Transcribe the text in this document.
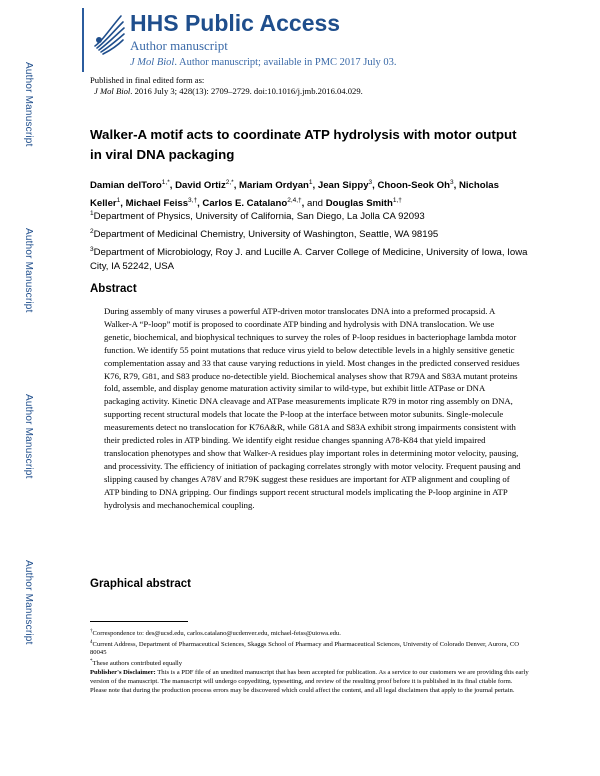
Author Manuscript
Author Manuscript
Author Manuscript
Author Manuscript
HHS Public Access
Author manuscript
J Mol Biol. Author manuscript; available in PMC 2017 July 03.
Published in final edited form as:
J Mol Biol. 2016 July 3; 428(13): 2709–2729. doi:10.1016/j.jmb.2016.04.029.
Walker-A motif acts to coordinate ATP hydrolysis with motor output in viral DNA packaging
Damian delToro$^{1,*}$, David Ortiz$^{2,*}$, Mariam Ordyan$^1$, Jean Sippy$^3$, Choon-Seok Oh$^3$, Nicholas Keller$^1$, Michael Feiss$^{3,\dagger}$, Carlos E. Catalano$^{2,4,\dagger}$, and Douglas Smith$^{1,\dagger}$
$^1$Department of Physics, University of California, San Diego, La Jolla CA 92093
$^2$Department of Medicinal Chemistry, University of Washington, Seattle, WA 98195
$^3$Department of Microbiology, Roy J. and Lucille A. Carver College of Medicine, University of Iowa, Iowa City, IA 52242, USA
Abstract
During assembly of many viruses a powerful ATP-driven motor translocates DNA into a preformed procapsid. A Walker-A “P-loop” motif is proposed to coordinate ATP binding and hydrolysis with DNA translocation. We use genetic, biochemical, and biophysical techniques to survey the roles of P-loop residues in bacteriophage lambda motor function. We identify 55 point mutations that reduce virus yield to below detectible levels in a highly sensitive genetic complementation assay and 33 that cause varying reductions in yield. Most changes in the predicted conserved residues K76, R79, G81, and S83 produce no-detectible yield. Biochemical analyses show that R79A and S83A mutant proteins fold, assemble, and display genome maturation activity similar to wild-type, but exhibit little ATPase or DNA packaging activity. Kinetic DNA cleavage and ATPase measurements implicate R79 in motor ring assembly on DNA, supporting recent structural models that locate the P-loop at the interface between motor subunits. Single-molecule measurements detect no translocation for K76A&R, while G81A and S83A exhibit strong impairments consistent with their predicted roles in ATP binding. We identify eight residue changes spanning A78-K84 that yield impaired translocation phenotypes and show that Walker-A residues play important roles in determining motor velocity, pausing, and processivity. The efficiency of initiation of packaging correlates strongly with motor velocity. Frequent pausing and slipping caused by changes A78V and R79K suggest these residues are important for ATP alignment and coupling of ATP binding to DNA gripping. Our findings support recent structural models implicating the P-loop arginine in ATP hydrolysis and mechanochemical coupling.
Graphical abstract
†Correspondence to: des@ucsd.edu, carlos.catalano@ucdenver.edu, michael-feiss@uiowa.edu.
$^4$Current Address, Department of Pharmaceutical Sciences, Skaggs School of Pharmacy and Pharmaceutical Sciences, University of Colorado Denver, Aurora, CO 80045
*These authors contributed equally
Publisher's Disclaimer: This is a PDF file of an unedited manuscript that has been accepted for publication. As a service to our customers we are providing this early version of the manuscript. The manuscript will undergo copyediting, typesetting, and review of the resulting proof before it is published in its final citable form. Please note that during the production process errors may be discovered which could affect the content, and all legal disclaimers that apply to the journal pertain.
